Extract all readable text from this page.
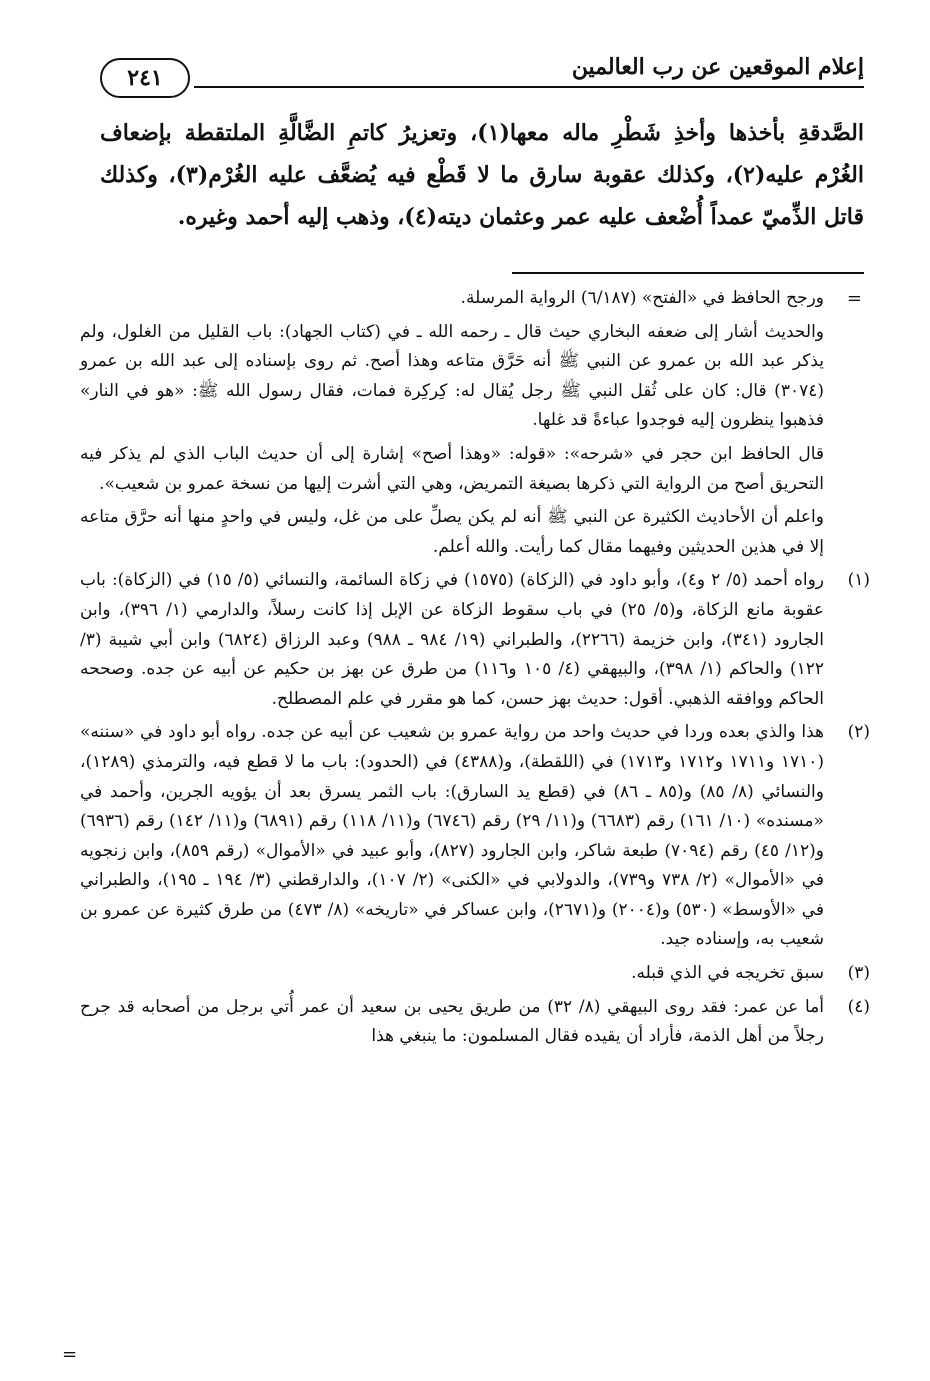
إعلام الموقعين عن رب العالمين
٢٤١

الصَّدقةِ بأخذها وأخذِ شَطْرِ ماله معها(١)، وتعزيرُ كاتمِ الضَّالَّةِ الملتقطة بإضعاف الغُرْم عليه(٢)، وكذلك عقوبة سارق ما لا قَطْع فيه يُضعَّف عليه الغُرْم(٣)، وكذلك قاتل الذِّميّ عمداً أُضْعف عليه عمر وعثمان ديته(٤)، وذهب إليه أحمد وغيره.

=
ورجح الحافظ في «الفتح» (٦/١٨٧) الرواية المرسلة.

والحديث أشار إلى ضعفه البخاري حيث قال ـ رحمه الله ـ في (كتاب الجهاد): باب القليل من الغلول، ولم يذكر عبد الله بن عمرو عن النبي ﷺ أنه حَرَّق متاعه وهذا أصح. ثم روى بإسناده إلى عبد الله بن عمرو (٣٠٧٤) قال: كان على ثُقل النبي ﷺ رجل يُقال له: كِركِرة فمات، فقال رسول الله ﷺ: «هو في النار» فذهبوا ينظرون إليه فوجدوا عباءةً قد غلها.

قال الحافظ ابن حجر في «شرحه»: «قوله: «وهذا أصح» إشارة إلى أن حديث الباب الذي لم يذكر فيه التحريق أصح من الرواية التي ذكرها بصيغة التمريض، وهي التي أشرت إليها من نسخة عمرو بن شعيب».

واعلم أن الأحاديث الكثيرة عن النبي ﷺ أنه لم يكن يصلِّ على من غل، وليس في واحدٍ منها أنه حرَّق متاعه إلا في هذين الحديثين وفيهما مقال كما رأيت. والله أعلم.

(١)
رواه أحمد (٥/ ٢ و٤)، وأبو داود في (الزكاة) (١٥٧٥) في زكاة السائمة، والنسائي (٥/ ١٥) في (الزكاة): باب عقوبة مانع الزكاة، و(٥/ ٢٥) في باب سقوط الزكاة عن الإبل إذا كانت رسلاً، والدارمي (١/ ٣٩٦)، وابن الجارود (٣٤١)، وابن خزيمة (٢٢٦٦)، والطبراني (١٩/ ٩٨٤ ـ ٩٨٨) وعبد الرزاق (٦٨٢٤) وابن أبي شيبة (٣/ ١٢٢) والحاكم (١/ ٣٩٨)، والبيهقي (٤/ ١٠٥ و١١٦) من طرق عن بهز بن حكيم عن أبيه عن جده. وصححه الحاكم ووافقه الذهبي. أقول: حديث بهز حسن، كما هو مقرر في علم المصطلح.

(٢)
هذا والذي بعده وردا في حديث واحد من رواية عمرو بن شعيب عن أبيه عن جده. رواه أبو داود في «سننه» (١٧١٠ و١٧١١ و١٧١٢ و١٧١٣) في (اللقطة)، و(٤٣٨٨) في (الحدود): باب ما لا قطع فيه، والترمذي (١٢٨٩)، والنسائي (٨/ ٨٥) و(٨٥ ـ ٨٦) في (قطع يد السارق): باب الثمر يسرق بعد أن يؤويه الجرين، وأحمد في «مسنده» (١٠/ ١٦١) رقم (٦٦٨٣) و(١١/ ٢٩) رقم (٦٧٤٦) و(١١/ ١١٨) رقم (٦٨٩١) و(١١/ ١٤٢) رقم (٦٩٣٦) و(١٢/ ٤٥) رقم (٧٠٩٤) طبعة شاكر، وابن الجارود (٨٢٧)، وأبو عبيد في «الأموال» (رقم ٨٥٩)، وابن زنجويه في «الأموال» (٢/ ٧٣٨ و٧٣٩)، والدولابي في «الكنى» (٢/ ١٠٧)، والدارقطني (٣/ ١٩٤ ـ ١٩٥)، والطبراني في «الأوسط» (٥٣٠) و(٢٠٠٤) و(٢٦٧١)، وابن عساكر في «تاريخه» (٨/ ٤٧٣) من طرق كثيرة عن عمرو بن شعيب به، وإسناده جيد.

(٣)
سبق تخريجه في الذي قبله.

(٤)
أما عن عمر: فقد روى البيهقي (٨/ ٣٢) من طريق يحيى بن سعيد أن عمر أُتي برجل من أصحابه قد جرح رجلاً من أهل الذمة، فأراد أن يقيده فقال المسلمون: ما ينبغي هذا

=
